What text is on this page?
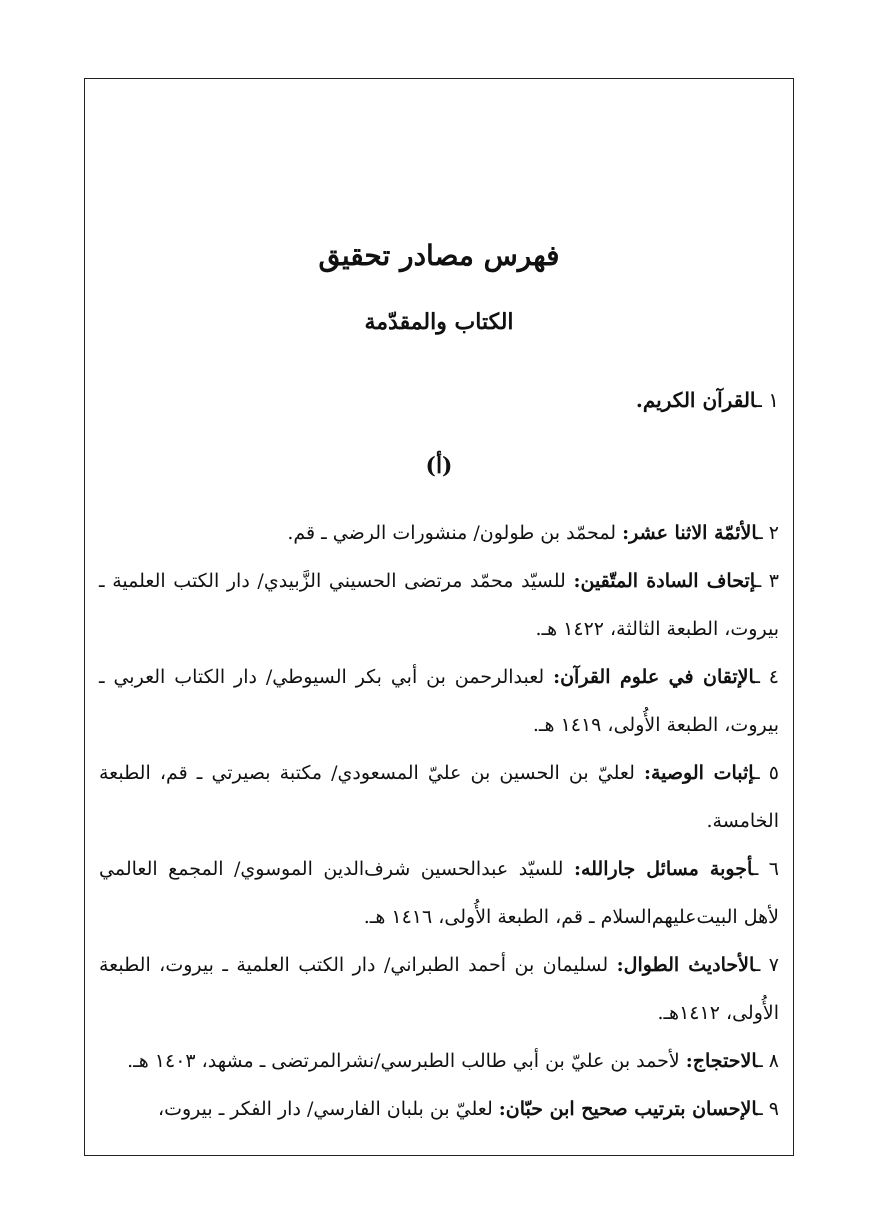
فهرس مصادر تحقيق
الكتاب والمقدّمة

١ ـالقرآن الكريم.

(أ)

٢ ـالأئمّة الاثنا عشر: لمحمّد بن طولون/ منشورات الرضي ـ قم.

٣ ـإتحاف السادة المتّقين: للسيّد محمّد مرتضى الحسيني الزَّبيدي/ دار الكتب العلمية ـ بيروت، الطبعة الثالثة، ١٤٢٢ هـ.

٤ ـالإتقان في علوم القرآن: لعبدالرحمن بن أبي بكر السيوطي/ دار الكتاب العربي ـ بيروت، الطبعة الأُولى، ١٤١٩ هـ.

٥ ـإثبات الوصية: لعليّ بن الحسين بن عليّ المسعودي/ مكتبة بصيرتي ـ قم، الطبعة الخامسة.

٦ ـأجوبة مسائل جارالله: للسيّد عبدالحسين شرف‌الدين الموسوي/ المجمع العالمي لأهل البيت‌عليهم‌السلام ـ قم، الطبعة الأُولى، ١٤١٦ هـ.

٧ ـالأحاديث الطوال: لسليمان بن أحمد الطبراني/ دار الكتب العلمية ـ بيروت، الطبعة الأُولى، ١٤١٢هـ.

٨ ـالاحتجاج: لأحمد بن عليّ بن أبي طالب الطبرسي/نشرالمرتضى ـ مشهد، ١٤٠٣ هـ.

٩ ـالإحسان بترتيب صحيح ابن حبّان: لعليّ بن بلبان الفارسي/ دار الفكر ـ بيروت،
